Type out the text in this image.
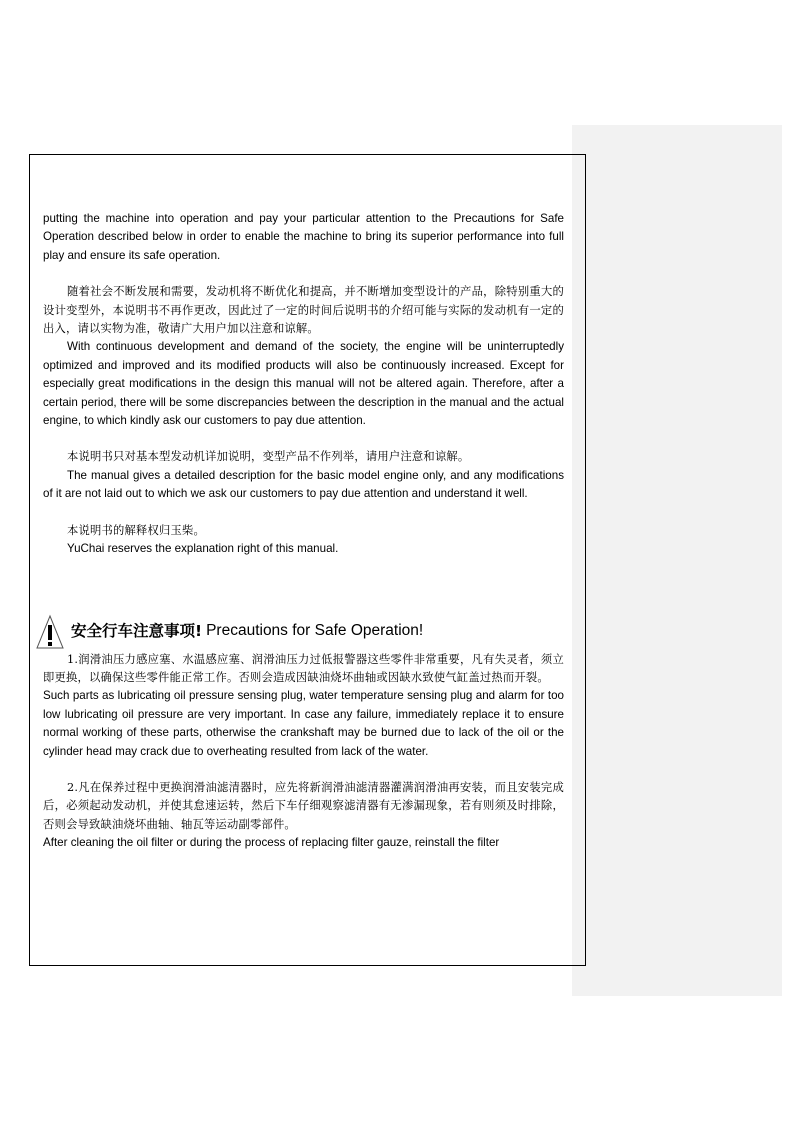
putting the machine into operation and pay your particular attention to the Precautions for Safe Operation described below in order to enable the machine to bring its superior performance into full play and ensure its safe operation.

随着社会不断发展和需要，发动机将不断优化和提高，并不断增加变型设计的产品，除特别重大的设计变型外，本说明书不再作更改，因此过了一定的时间后说明书的介绍可能与实际的发动机有一定的出入，请以实物为准，敬请广大用户加以注意和谅解。

With continuous development and demand of the society, the engine will be uninterruptedly optimized and improved and its modified products will also be continuously increased. Except for especially great modifications in the design this manual will not be altered again. Therefore, after a certain period, there will be some discrepancies between the description in the manual and the actual engine, to which kindly ask our customers to pay due attention.

本说明书只对基本型发动机详加说明，变型产品不作列举，请用户注意和谅解。

The manual gives a detailed description for the basic model engine only, and any modifications of it are not laid out to which we ask our customers to pay due attention and understand it well.

本说明书的解释权归玉柴。

YuChai reserves the explanation right of this manual.

安全行车注意事项! Precautions for Safe Operation!

1.润滑油压力感应塞、水温感应塞、润滑油压力过低报警器这些零件非常重要，凡有失灵者，须立即更换，以确保这些零件能正常工作。否则会造成因缺油烧坏曲轴或因缺水致使气缸盖过热而开裂。

Such parts as lubricating oil pressure sensing plug, water temperature sensing plug and alarm for too low lubricating oil pressure are very important. In case any failure, immediately replace it to ensure normal working of these parts, otherwise the crankshaft may be burned due to lack of the oil or the cylinder head may crack due to overheating resulted from lack of the water.

2.凡在保养过程中更换润滑油滤清器时，应先将新润滑油滤清器灌满润滑油再安装，而且安装完成后，必须起动发动机，并使其怠速运转，然后下车仔细观察滤清器有无渗漏现象，若有则须及时排除，否则会导致缺油烧坏曲轴、轴瓦等运动副零部件。

After cleaning the oil filter or during the process of replacing filter gauze, reinstall the filter
